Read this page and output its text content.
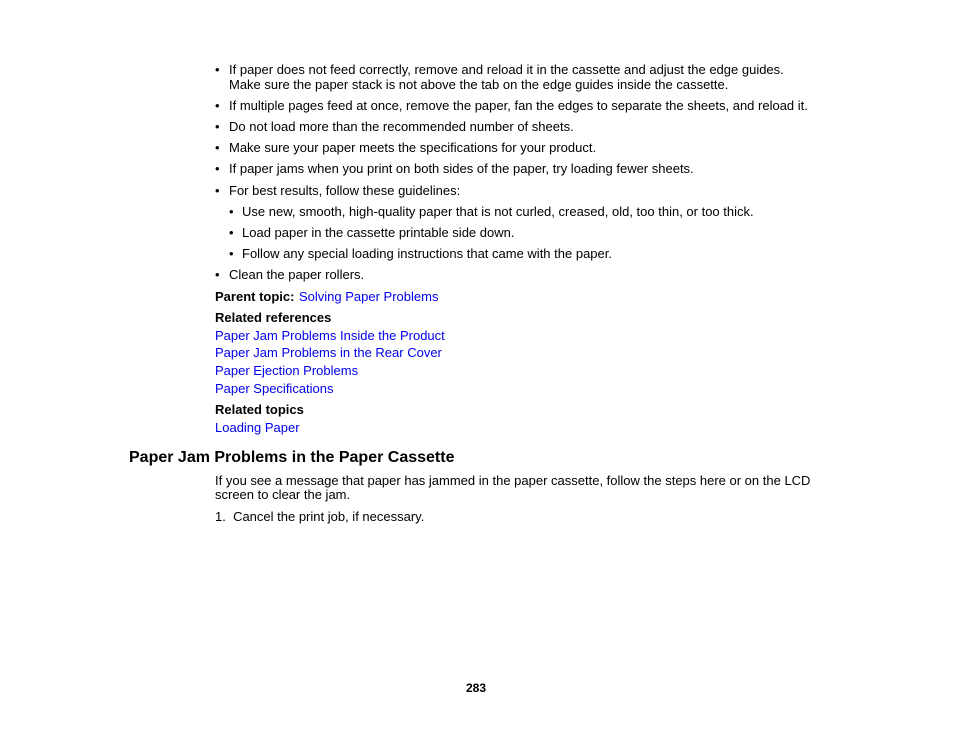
• If paper does not feed correctly, remove and reload it in the cassette and adjust the edge guides.
Make sure the paper stack is not above the tab on the edge guides inside the cassette.
• If multiple pages feed at once, remove the paper, fan the edges to separate the sheets, and reload it.
• Do not load more than the recommended number of sheets.
• Make sure your paper meets the specifications for your product.
• If paper jams when you print on both sides of the paper, try loading fewer sheets.
• For best results, follow these guidelines:
• Use new, smooth, high-quality paper that is not curled, creased, old, too thin, or too thick.
• Load paper in the cassette printable side down.
• Follow any special loading instructions that came with the paper.
• Clean the paper rollers.
Parent topic: Solving Paper Problems
Related references
Paper Jam Problems Inside the Product
Paper Jam Problems in the Rear Cover
Paper Ejection Problems
Paper Specifications
Related topics
Loading Paper
Paper Jam Problems in the Paper Cassette
If you see a message that paper has jammed in the paper cassette, follow the steps here or on the LCD
screen to clear the jam.
1.  Cancel the print job, if necessary.
283
